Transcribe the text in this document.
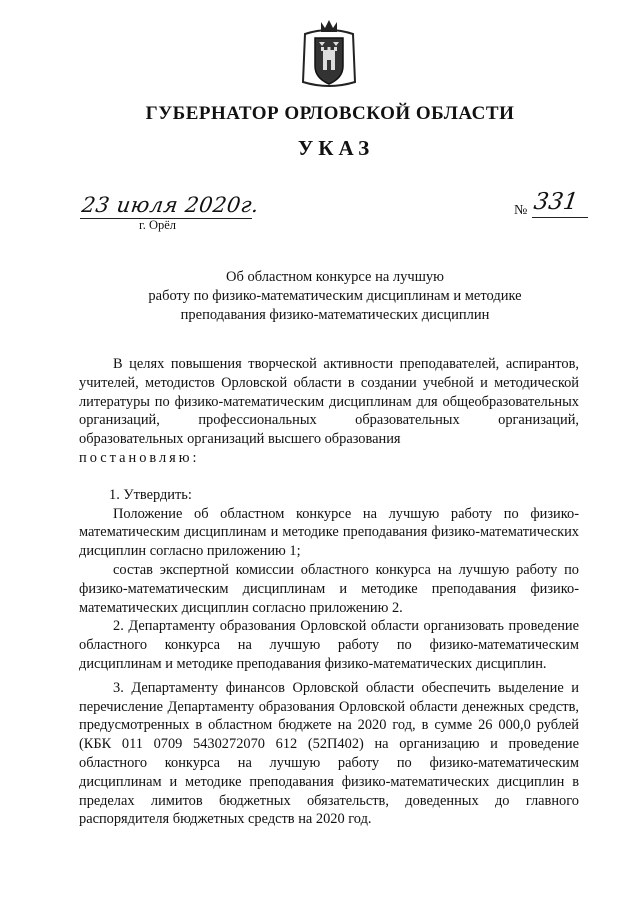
ГУБЕРНАТОР ОРЛОВСКОЙ ОБЛАСТИ
УКАЗ
23 июля 2020г.
г. Орёл
№ 331
Об областном конкурсе на лучшую
работу по физико-математическим дисциплинам и методике
преподавания физико-математических дисциплин

В целях повышения творческой активности преподавателей, аспирантов, учителей, методистов Орловской области в создании учебной и методической литературы по физико-математическим дисциплинам для общеобразовательных организаций, профессиональных образовательных организаций, образовательных организаций высшего образования

постановляю:

1. Утвердить:

Положение об областном конкурсе на лучшую работу по физико-математическим дисциплинам и методике преподавания физико-математических дисциплин согласно приложению 1;

состав экспертной комиссии областного конкурса на лучшую работу по физико-математическим дисциплинам и методике преподавания физико-математических дисциплин согласно приложению 2.

2. Департаменту образования Орловской области организовать проведение областного конкурса на лучшую работу по физико-математическим дисциплинам и методике преподавания физико-математических дисциплин.

3. Департаменту финансов Орловской области обеспечить выделение и перечисление Департаменту образования Орловской области денежных средств, предусмотренных в областном бюджете на 2020 год, в сумме 26 000,0 рублей (КБК 011 0709 5430272070 612 (52П402) на организацию и проведение областного конкурса на лучшую работу по физико-математическим дисциплинам и методике преподавания физико-математических дисциплин в пределах лимитов бюджетных обязательств, доведенных до главного распорядителя бюджетных средств на 2020 год.
